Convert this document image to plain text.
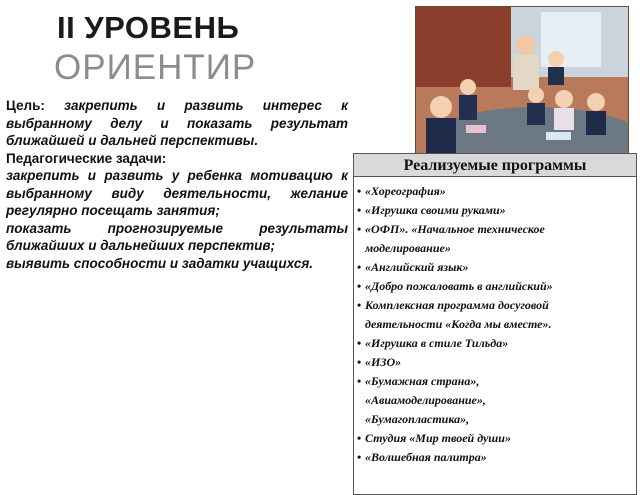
II УРОВЕНЬ
ОРИЕНТИР

Цель: закрепить и развить интерес к выбранному делу и показать результат ближайшей и дальней перспективы.

Педагогические задачи:

закрепить и развить у ребенка мотивацию к выбранному виду деятельности, желание регулярно посещать занятия;

показать прогнозируемые результаты ближайших и дальнейших перспектив;

выявить способности и задатки учащихся.

Реализуемые программы
• «Хореография»
• «Игрушка своими руками»
• «ОФП». «Начальное техническое
моделирование»
• «Английский язык»
• «Добро пожаловать в английский»
• Комплексная программа досуговой
деятельности «Когда мы вместе».
• «Игрушка в стиле Тильда»
• «ИЗО»
• «Бумажная страна»,
«Авиамоделирование»,
«Бумагопластика»,
• Студия «Мир твоей души»
• «Волшебная палитра»
